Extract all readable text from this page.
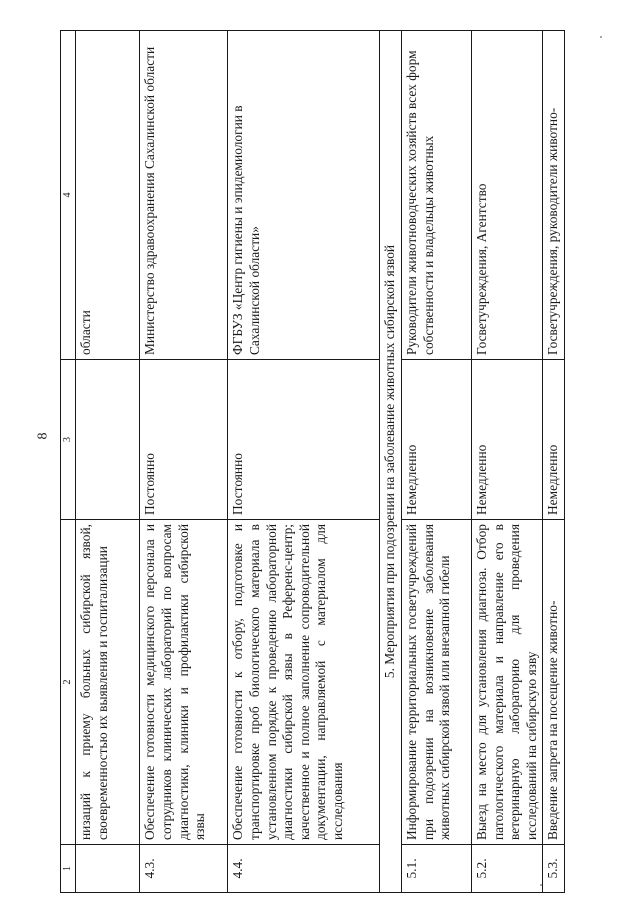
8
1	2	3	4
	низаций к приему больных сибирской язвой, своевременностью их выявления и госпитализации		области
4.3.	Обеспечение готовности медицинского персонала и сотрудников клинических лабораторий по вопросам диагностики, клиники и профилактики сибирской язвы	Постоянно	Министерство здравоохранения Сахалинской области
4.4.	Обеспечение готовности к отбору, подготовке и транспортировке проб биологического материала в установленном порядке к проведению лабораторной диагностики сибирской язвы в Референс-центр; качественное и полное заполнение сопроводительной документации, направляемой с материалом для исследования	Постоянно	ФГБУЗ «Центр гигиены и эпидемиологии в Сахалинской области»
5. Мероприятия при подозрении на заболевание животных сибирской язвой			
5.1.	Информирование территориальных госветучреждений при подозрении на возникновение заболевания животных сибирской язвой или внезапной гибели	Немедленно	Руководители животноводческих хозяйств всех форм собственности и владельцы животных
5.2.	Выезд на место для установления диагноза. Отбор патологического материала и направление его в ветеринарную лабораторию для проведения исследований на сибирскую язву	Немедленно	Госветучреждения, Агентство
5.3.	Введение запрета на посещение животно-	Немедленно	Госветучреждения, руководители животно-
